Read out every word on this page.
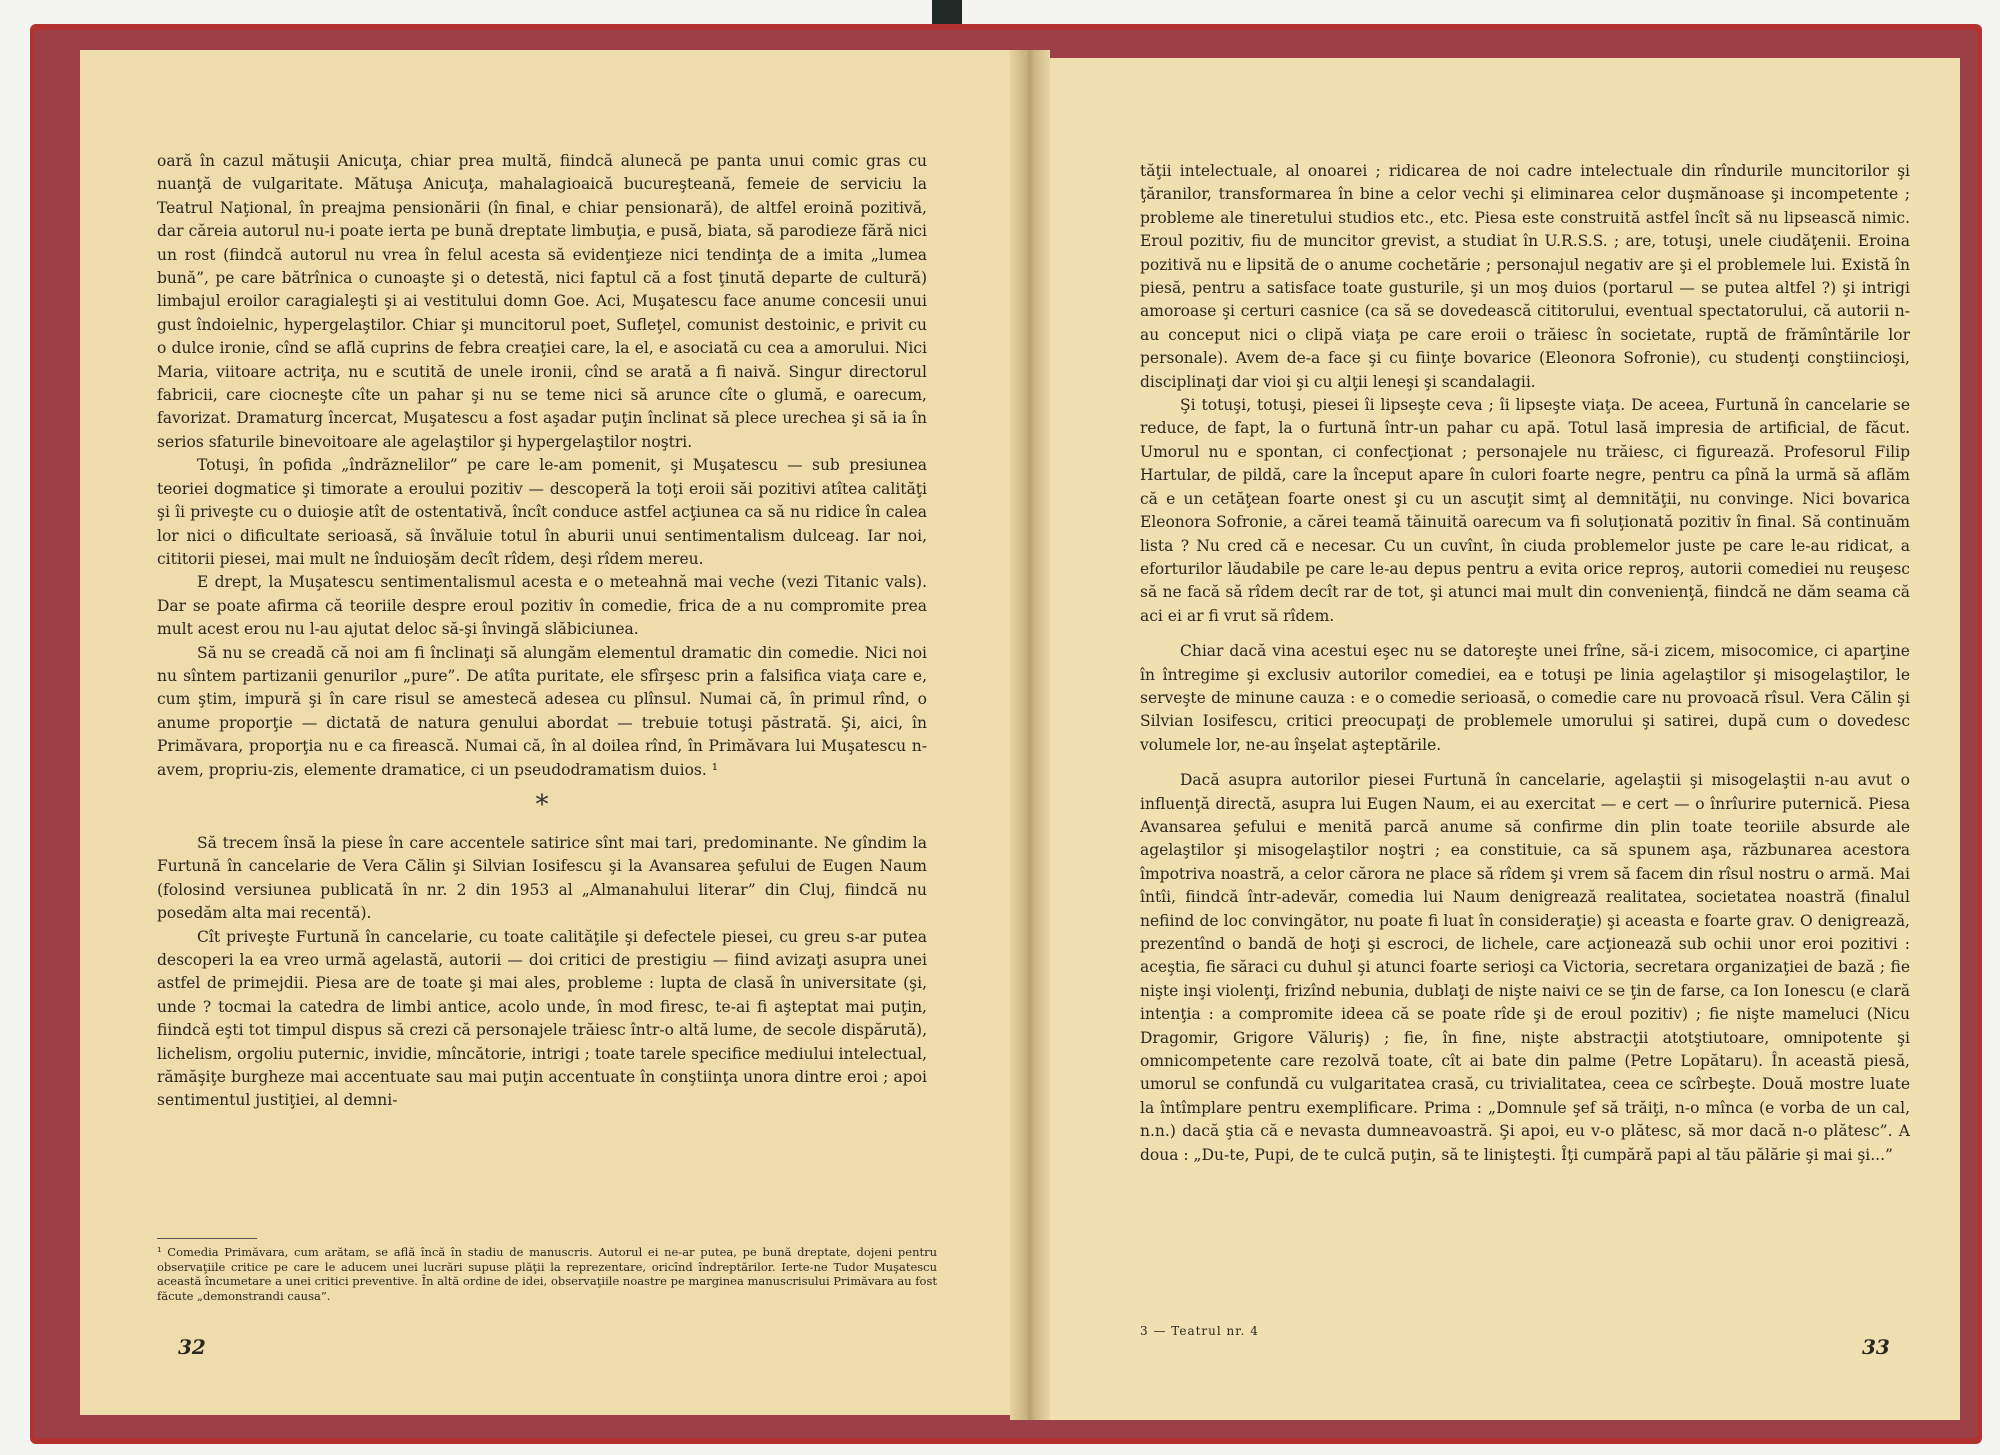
oară în cazul mătuşii Anicuţa, chiar prea multă, fiindcă alunecă pe panta unui comic gras cu nuanţă de vulgaritate. Mătuşa Anicuţa, mahalagioaică bucureşteană, femeie de serviciu la Teatrul Naţional, în preajma pensionării (în final, e chiar pensionară), de altfel eroină pozitivă, dar căreia autorul nu-i poate ierta pe bună dreptate limbuţia, e pusă, biata, să parodieze fără nici un rost (fiindcă autorul nu vrea în felul acesta să evidenţieze nici tendinţa de a imita „lumea bună”, pe care bătrînica o cunoaşte şi o detestă, nici faptul că a fost ţinută departe de cultură) limbajul eroilor caragialeşti şi ai vestitului domn Goe. Aci, Muşatescu face anume concesii unui gust îndoielnic, hypergelaştilor. Chiar şi muncitorul poet, Sufleţel, comunist destoinic, e privit cu o dulce ironie, cînd se află cuprins de febra creaţiei care, la el, e asociată cu cea a amorului. Nici Maria, viitoare actriţa, nu e scutită de unele ironii, cînd se arată a fi naivă. Singur directorul fabricii, care ciocneşte cîte un pahar şi nu se teme nici să arunce cîte o glumă, e oarecum, favorizat. Dramaturg încercat, Muşatescu a fost aşadar puţin înclinat să plece urechea şi să ia în serios sfaturile binevoitoare ale agelaştilor şi hypergelaştilor noştri.

Totuşi, în pofida „îndrăznelilor” pe care le-am pomenit, şi Muşatescu — sub presiunea teoriei dogmatice şi timorate a eroului pozitiv — descoperă la toţi eroii săi pozitivi atîtea calităţi şi îi priveşte cu o duioşie atît de ostentativă, încît conduce astfel acţiunea ca să nu ridice în calea lor nici o dificultate serioasă, să învăluie totul în aburii unui sentimentalism dulceag. Iar noi, cititorii piesei, mai mult ne înduioşăm decît rîdem, deşi rîdem mereu.

E drept, la Muşatescu sentimentalismul acesta e o meteahnă mai veche (vezi Titanic vals). Dar se poate afirma că teoriile despre eroul pozitiv în comedie, frica de a nu compromite prea mult acest erou nu l-au ajutat deloc să-şi învingă slăbiciunea.

Să nu se creadă că noi am fi înclinaţi să alungăm elementul dramatic din comedie. Nici noi nu sîntem partizanii genurilor „pure”. De atîta puritate, ele sfîrşesc prin a falsifica viaţa care e, cum ştim, impură şi în care risul se amestecă adesea cu plînsul. Numai că, în primul rînd, o anume proporţie — dictată de natura genului abordat — trebuie totuşi păstrată. Şi, aici, în Primăvara, proporţia nu e ca firească. Numai că, în al doilea rînd, în Primăvara lui Muşatescu n-avem, propriu-zis, elemente dramatice, ci un pseudodramatism duios. ¹

*

Să trecem însă la piese în care accentele satirice sînt mai tari, predominante. Ne gîndim la Furtună în cancelarie de Vera Călin şi Silvian Iosifescu şi la Avansarea şefului de Eugen Naum (folosind versiunea publicată în nr. 2 din 1953 al „Almanahului literar” din Cluj, fiindcă nu posedăm alta mai recentă).

Cît priveşte Furtună în cancelarie, cu toate calităţile şi defectele piesei, cu greu s-ar putea descoperi la ea vreo urmă agelastă, autorii — doi critici de prestigiu — fiind avizaţi asupra unei astfel de primejdii. Piesa are de toate şi mai ales, probleme : lupta de clasă în universitate (şi, unde ? tocmai la catedra de limbi antice, acolo unde, în mod firesc, te-ai fi aşteptat mai puţin, fiindcă eşti tot timpul dispus să crezi că personajele trăiesc într-o altă lume, de secole dispărută), lichelism, orgoliu puternic, invidie, mîncătorie, intrigi ; toate tarele specifice mediului intelectual, rămăşiţe burgheze mai accentuate sau mai puţin accentuate în conştiinţa unora dintre eroi ; apoi sentimentul justiţiei, al demni-

¹ Comedia Primăvara, cum arătam, se află încă în stadiu de manuscris. Autorul ei ne-ar putea, pe bună dreptate, dojeni pentru observaţiile critice pe care le aducem unei lucrări supuse plăţii la reprezentare, oricînd îndreptărilor. Ierte-ne Tudor Muşatescu această încumetare a unei critici preventive. În altă ordine de idei, observaţiile noastre pe marginea manuscrisului Primăvara au fost făcute „demonstrandi causa”.
32

tăţii intelectuale, al onoarei ; ridicarea de noi cadre intelectuale din rîndurile muncitorilor şi ţăranilor, transformarea în bine a celor vechi şi eliminarea celor duşmănoase şi incompetente ; probleme ale tineretului studios etc., etc. Piesa este construită astfel încît să nu lipsească nimic. Eroul pozitiv, fiu de muncitor grevist, a studiat în U.R.S.S. ; are, totuşi, unele ciudăţenii. Eroina pozitivă nu e lipsită de o anume cochetărie ; personajul negativ are şi el problemele lui. Există în piesă, pentru a satisface toate gusturile, şi un moş duios (portarul — se putea altfel ?) şi intrigi amoroase şi certuri casnice (ca să se dovedească cititorului, eventual spectatorului, că autorii n-au conceput nici o clipă viaţa pe care eroii o trăiesc în societate, ruptă de frămîntările lor personale). Avem de-a face şi cu fiinţe bovarice (Eleonora Sofronie), cu studenţi conştiincioşi, disciplinaţi dar vioi şi cu alţii leneşi şi scandalagii.

Şi totuşi, totuşi, piesei îi lipseşte ceva ; îi lipseşte viaţa. De aceea, Furtună în cancelarie se reduce, de fapt, la o furtună într-un pahar cu apă. Totul lasă impresia de artificial, de făcut. Umorul nu e spontan, ci confecţionat ; personajele nu trăiesc, ci figurează. Profesorul Filip Hartular, de pildă, care la început apare în culori foarte negre, pentru ca pînă la urmă să aflăm că e un cetăţean foarte onest şi cu un ascuţit simţ al demnităţii, nu convinge. Nici bovarica Eleonora Sofronie, a cărei teamă tăinuită oarecum va fi soluţionată pozitiv în final. Să continuăm lista ? Nu cred că e necesar. Cu un cuvînt, în ciuda problemelor juste pe care le-au ridicat, a eforturilor lăudabile pe care le-au depus pentru a evita orice reproş, autorii comediei nu reuşesc să ne facă să rîdem decît rar de tot, şi atunci mai mult din convenienţă, fiindcă ne dăm seama că aci ei ar fi vrut să rîdem.

Chiar dacă vina acestui eşec nu se datoreşte unei frîne, să-i zicem, misocomice, ci aparţine în întregime şi exclusiv autorilor comediei, ea e totuşi pe linia agelaştilor şi misogelaştilor, le serveşte de minune cauza : e o comedie serioasă, o comedie care nu provoacă rîsul. Vera Călin şi Silvian Iosifescu, critici preocupaţi de problemele umorului şi satirei, după cum o dovedesc volumele lor, ne-au înşelat aşteptările.

Dacă asupra autorilor piesei Furtună în cancelarie, agelaştii şi misogelaştii n-au avut o influenţă directă, asupra lui Eugen Naum, ei au exercitat — e cert — o înrîurire puternică. Piesa Avansarea şefului e menită parcă anume să confirme din plin toate teoriile absurde ale agelaştilor şi misogelaştilor noştri ; ea constituie, ca să spunem aşa, răzbunarea acestora împotriva noastră, a celor cărora ne place să rîdem şi vrem să facem din rîsul nostru o armă. Mai întîi, fiindcă într-adevăr, comedia lui Naum denigrează realitatea, societatea noastră (finalul nefiind de loc convingător, nu poate fi luat în consideraţie) şi aceasta e foarte grav. O denigrează, prezentînd o bandă de hoţi şi escroci, de lichele, care acţionează sub ochii unor eroi pozitivi : aceştia, fie săraci cu duhul şi atunci foarte serioşi ca Victoria, secretara organizaţiei de bază ; fie nişte inşi violenţi, frizînd nebunia, dublaţi de nişte naivi ce se ţin de farse, ca Ion Ionescu (e clară intenţia : a compromite ideea că se poate rîde şi de eroul pozitiv) ; fie nişte mameluci (Nicu Dragomir, Grigore Văluriş) ; fie, în fine, nişte abstracţii atotştiutoare, omnipotente şi omnicompetente care rezolvă toate, cît ai bate din palme (Petre Lopătaru). În această piesă, umorul se confundă cu vulgaritatea crasă, cu trivialitatea, ceea ce scîrbeşte. Două mostre luate la întîmplare pentru exemplificare. Prima : „Domnule şef să trăiţi, n-o mînca (e vorba de un cal, n.n.) dacă ştia că e nevasta dumneavoastră. Şi apoi, eu v-o plătesc, să mor dacă n-o plătesc”. A doua : „Du-te, Pupi, de te culcă puţin, să te linişteşti. Îţi cumpără papi al tău pălărie şi mai şi...”

3 — Teatrul nr. 4
33
